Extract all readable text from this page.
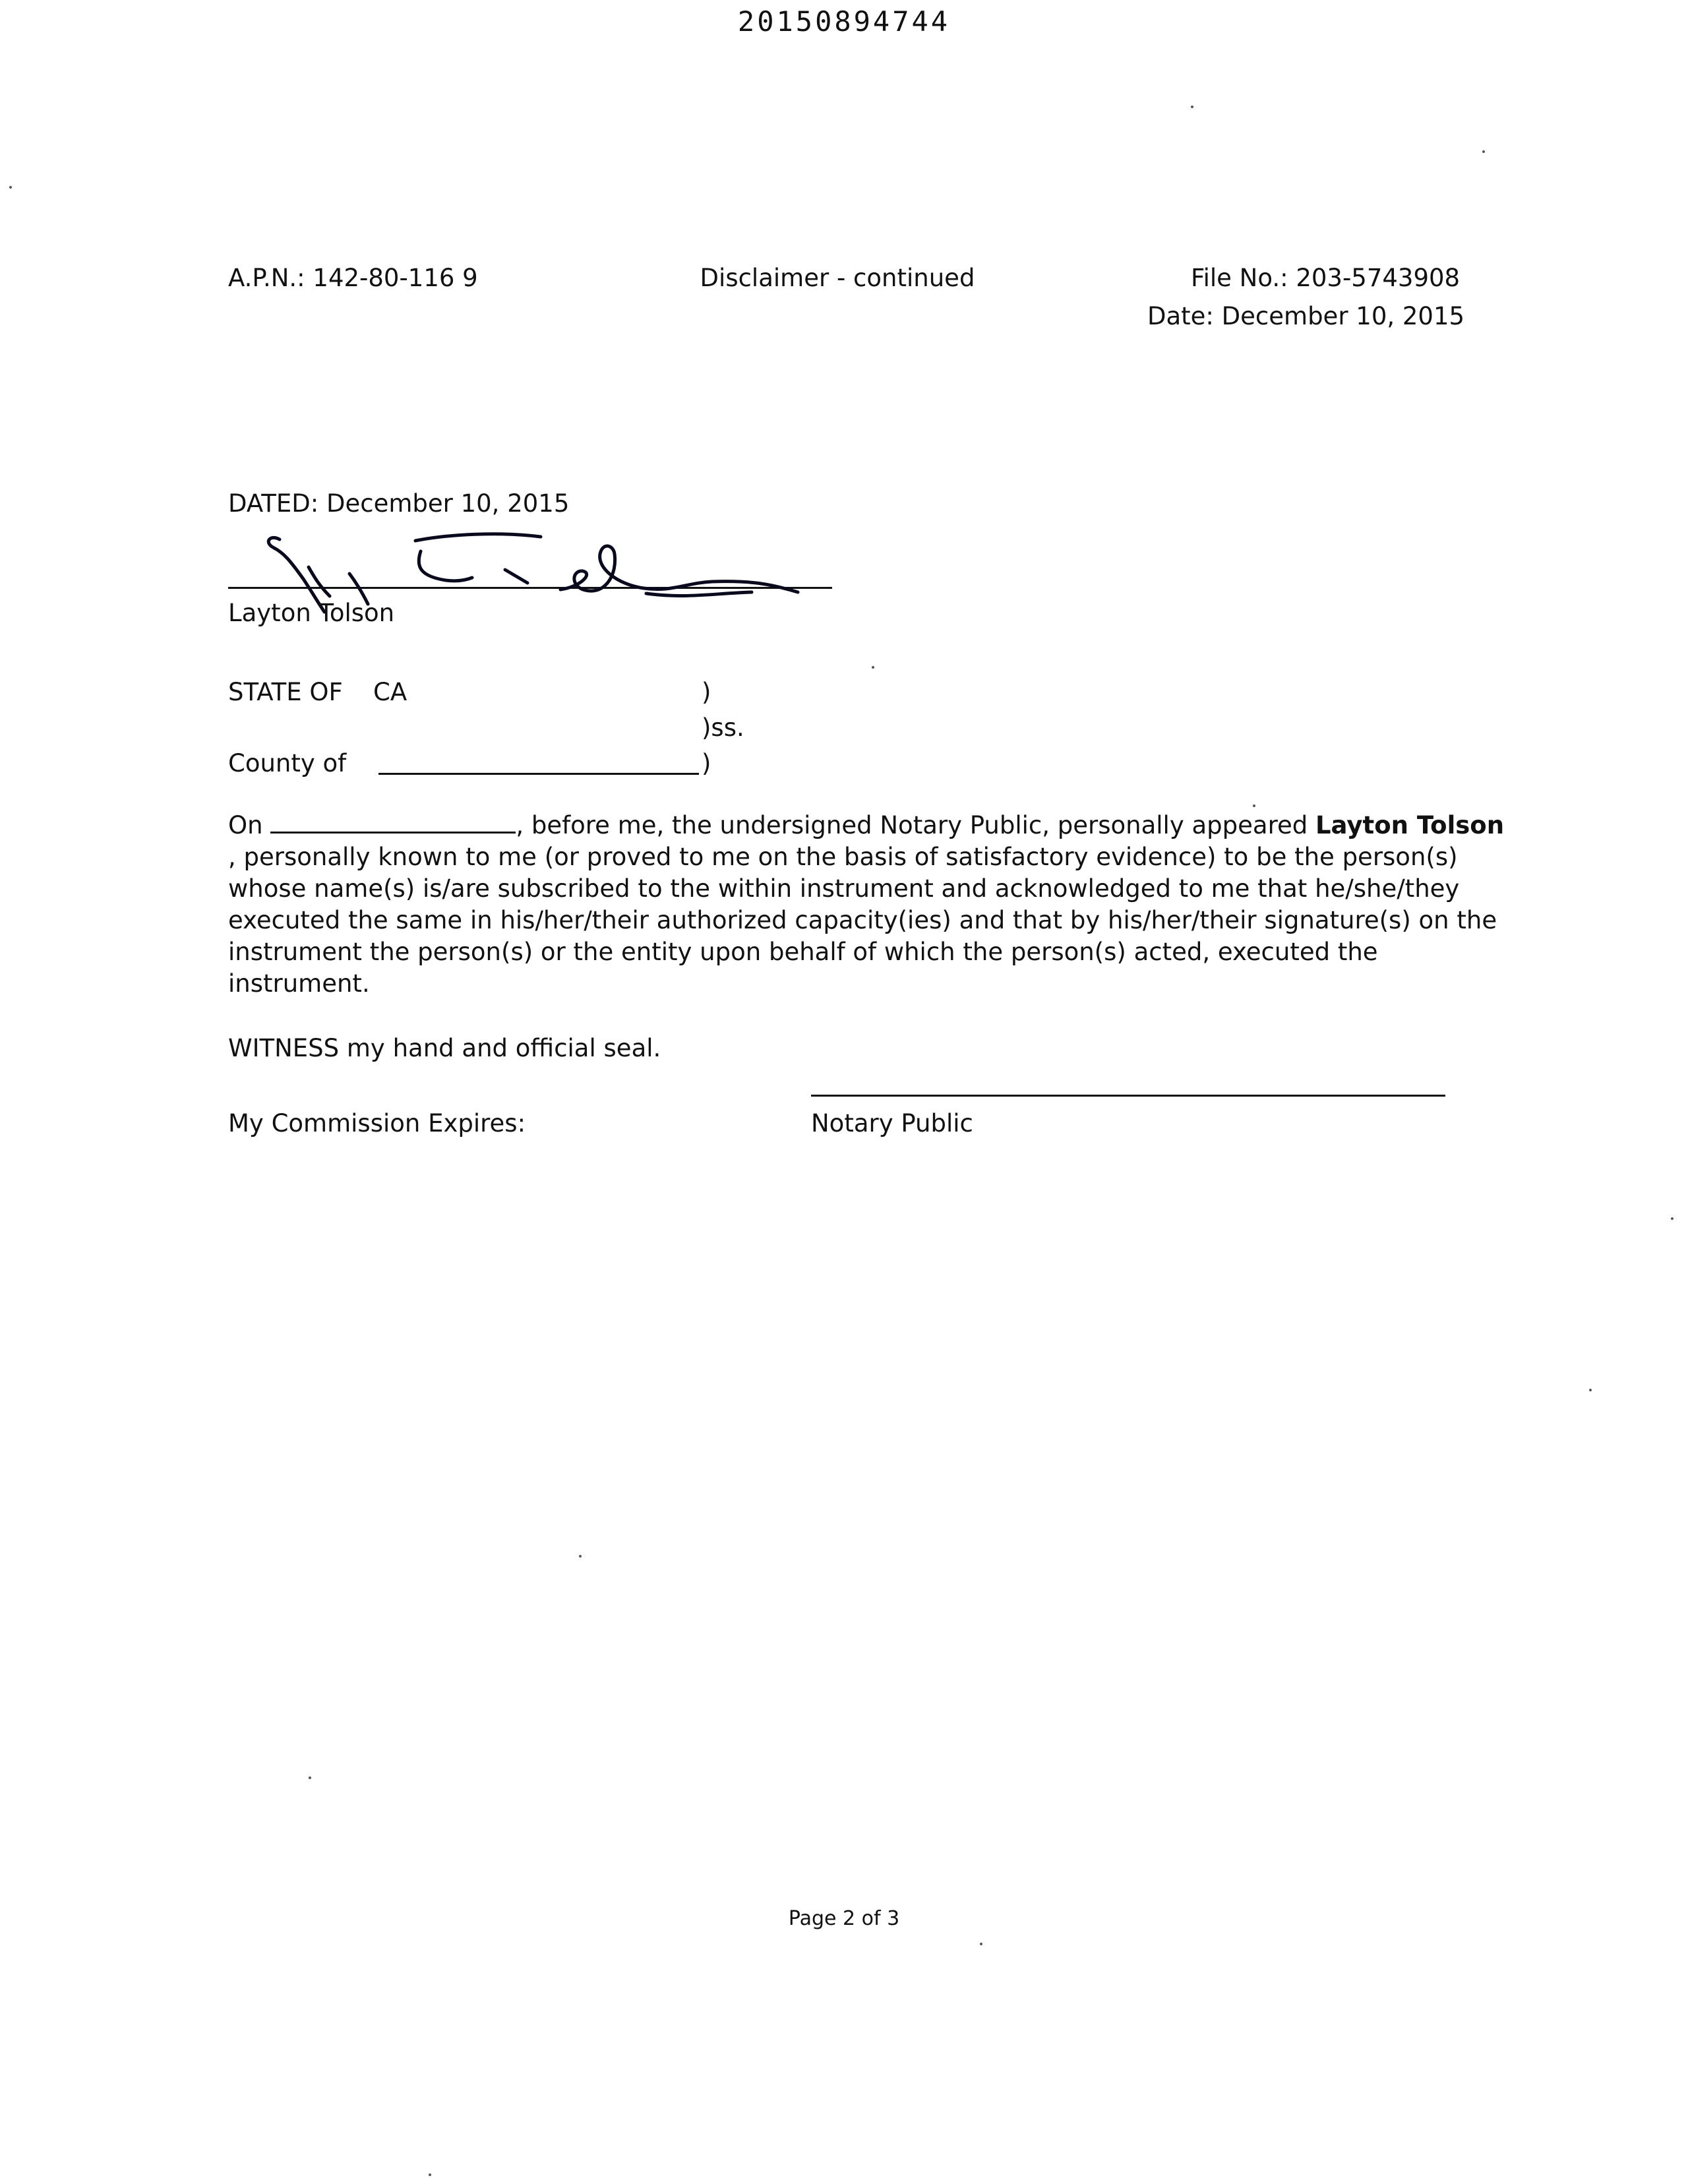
20150894744
A.P.N.: 142-80-116 9	Disclaimer - continued	File No.: 203-5743908
Date: December 10, 2015
DATED: December 10, 2015
Layton Tolson
STATE OF CA	)
)ss.
County of	)
On	, before me, the undersigned Notary Public, personally appeared Layton Tolson
, personally known to me (or proved to me on the basis of satisfactory evidence) to be the person(s)
whose name(s) is/are subscribed to the within instrument and acknowledged to me that he/she/they
executed the same in his/her/their authorized capacity(ies) and that by his/her/their signature(s) on the
instrument the person(s) or the entity upon behalf of which the person(s) acted, executed the
instrument.
WITNESS my hand and official seal.
My Commission Expires:	Notary Public
Page 2 of 3
